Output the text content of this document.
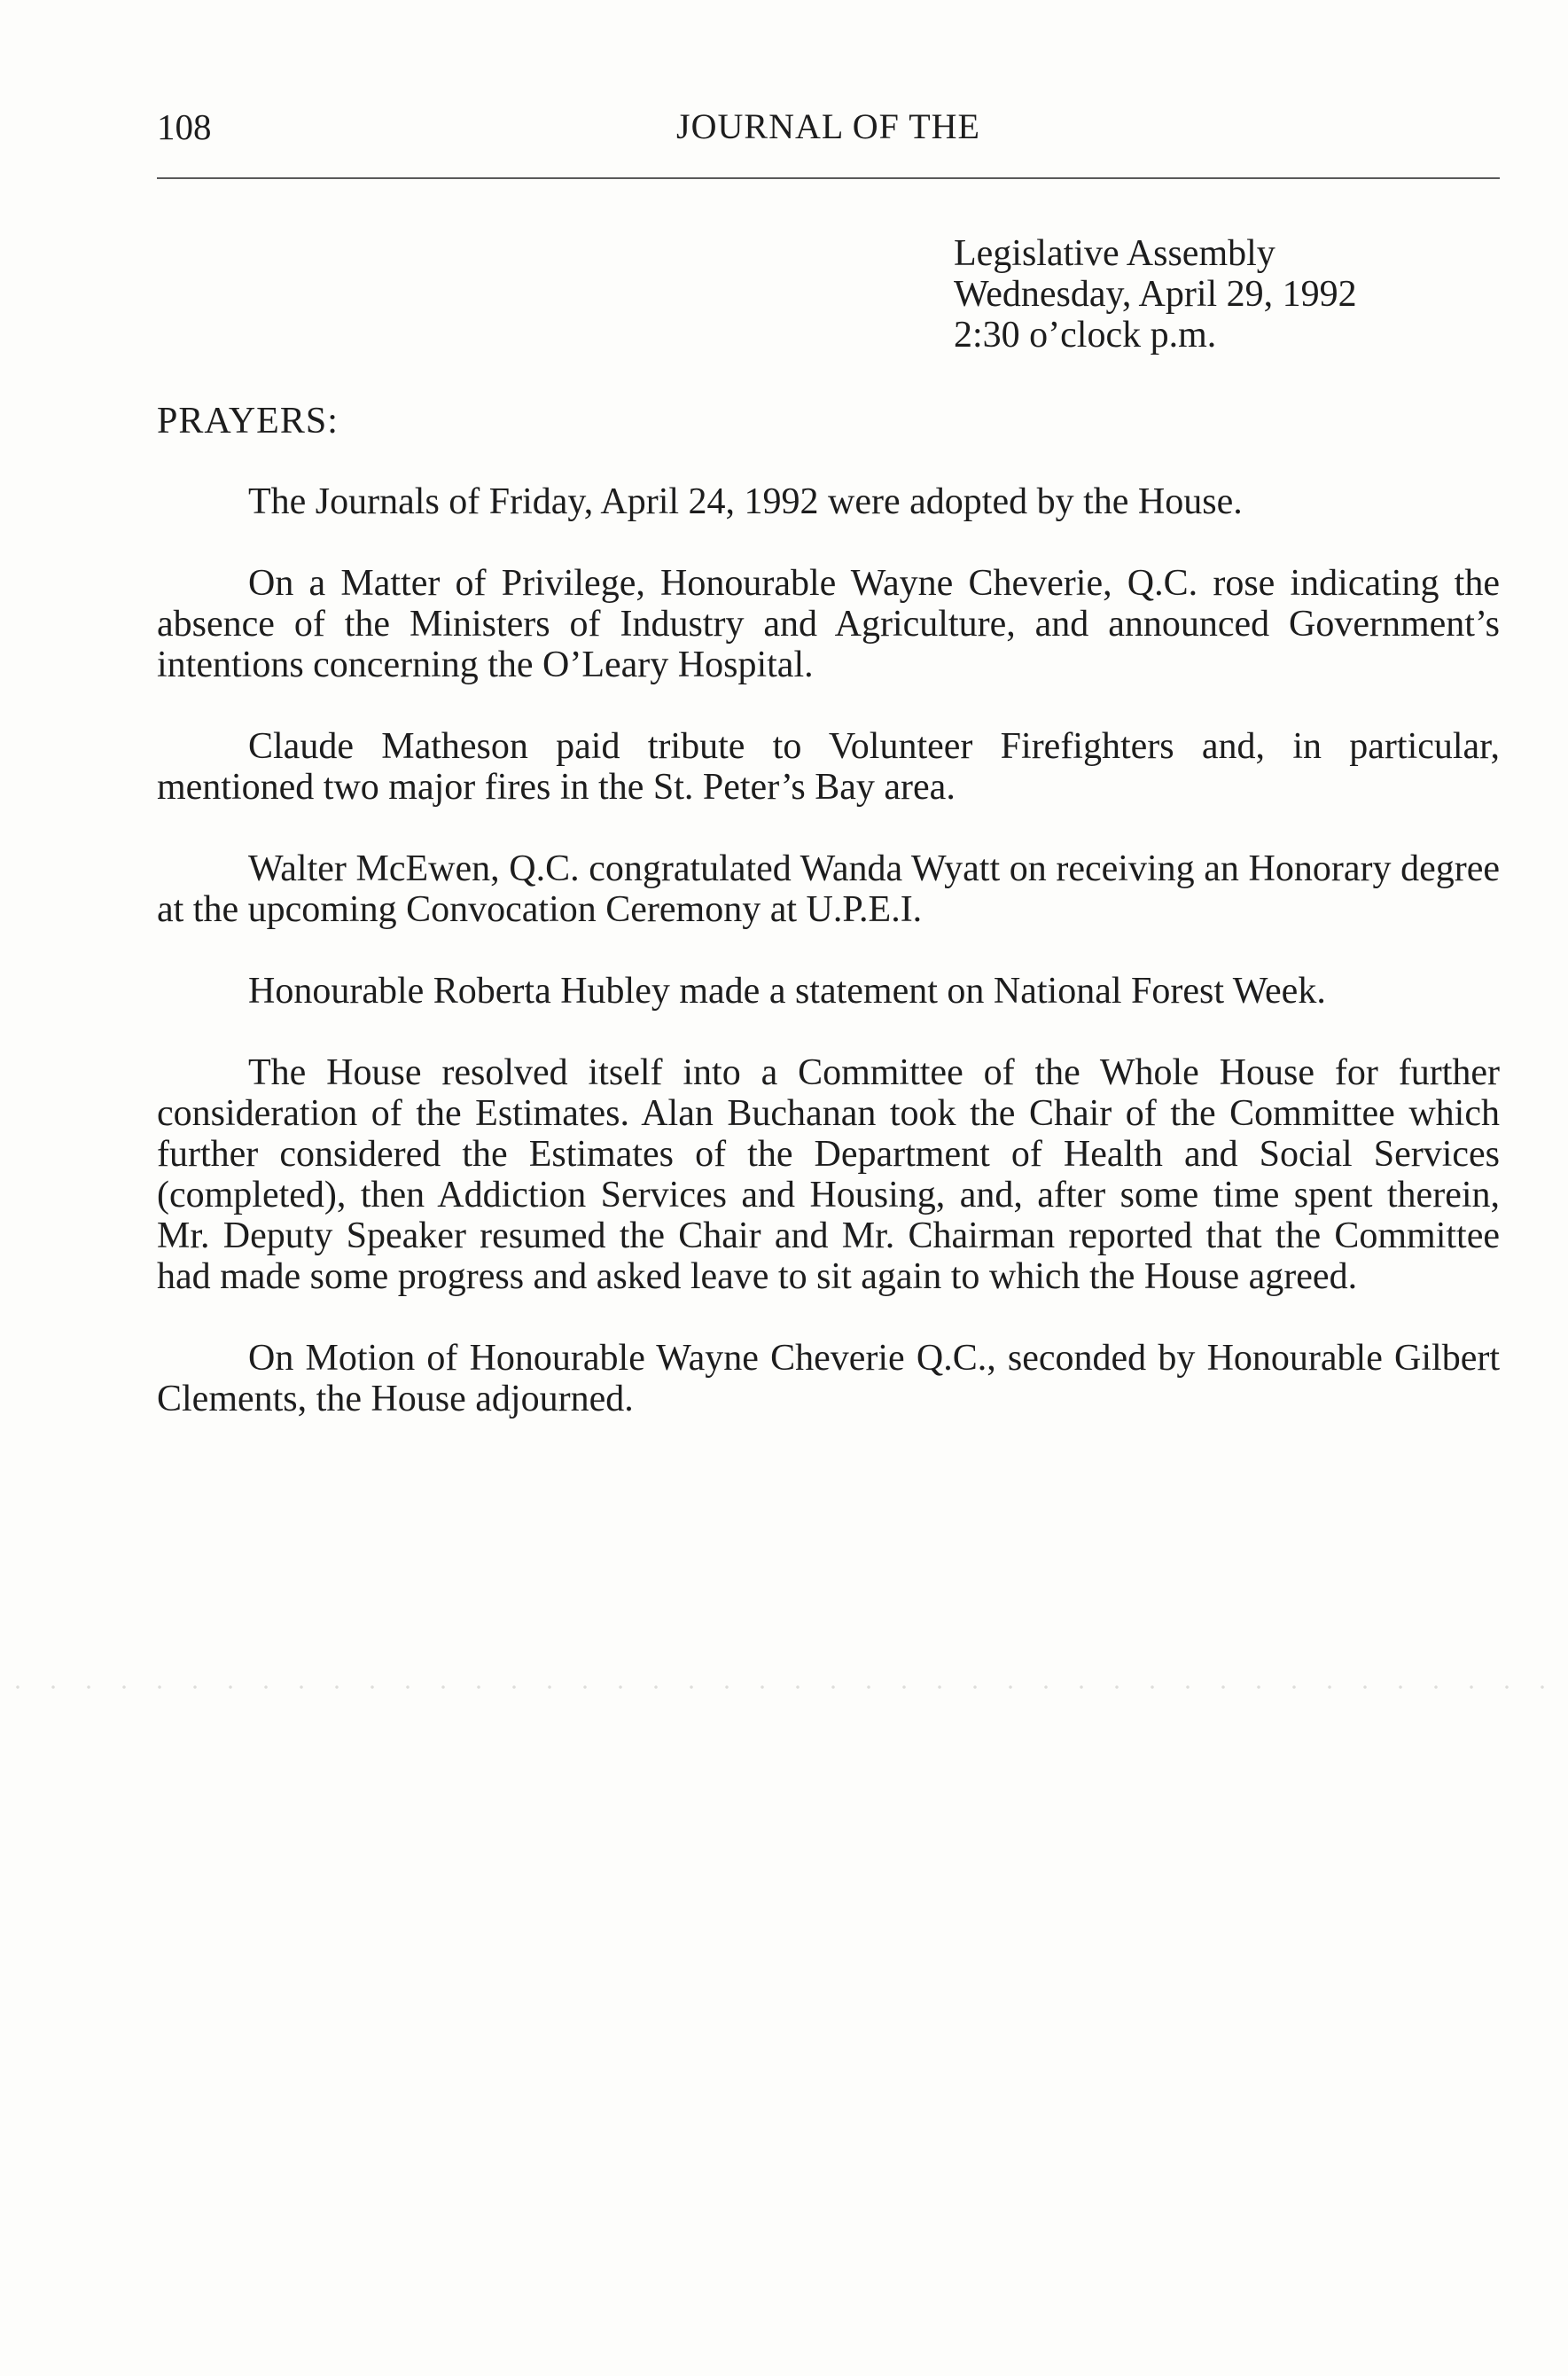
108	JOURNAL OF THE
Legislative Assembly
Wednesday, April 29, 1992
2:30 o’clock p.m.
PRAYERS:

The Journals of Friday, April 24, 1992 were adopted by the House.

On a Matter of Privilege, Honourable Wayne Cheverie, Q.C. rose indicating the absence of the Ministers of Industry and Agriculture, and announced Government’s intentions concerning the O’Leary Hospital.

Claude Matheson paid tribute to Volunteer Firefighters and, in particular, mentioned two major fires in the St. Peter’s Bay area.

Walter McEwen, Q.C. congratulated Wanda Wyatt on receiving an Honorary degree at the upcoming Convocation Ceremony at U.P.E.I.

Honourable Roberta Hubley made a statement on National Forest Week.

The House resolved itself into a Committee of the Whole House for further consideration of the Estimates. Alan Buchanan took the Chair of the Committee which further considered the Estimates of the Department of Health and Social Services (completed), then Addiction Services and Housing, and, after some time spent therein, Mr. Deputy Speaker resumed the Chair and Mr. Chairman reported that the Committee had made some progress and asked leave to sit again to which the House agreed.

On Motion of Honourable Wayne Cheverie Q.C., seconded by Honourable Gilbert Clements, the House adjourned.
